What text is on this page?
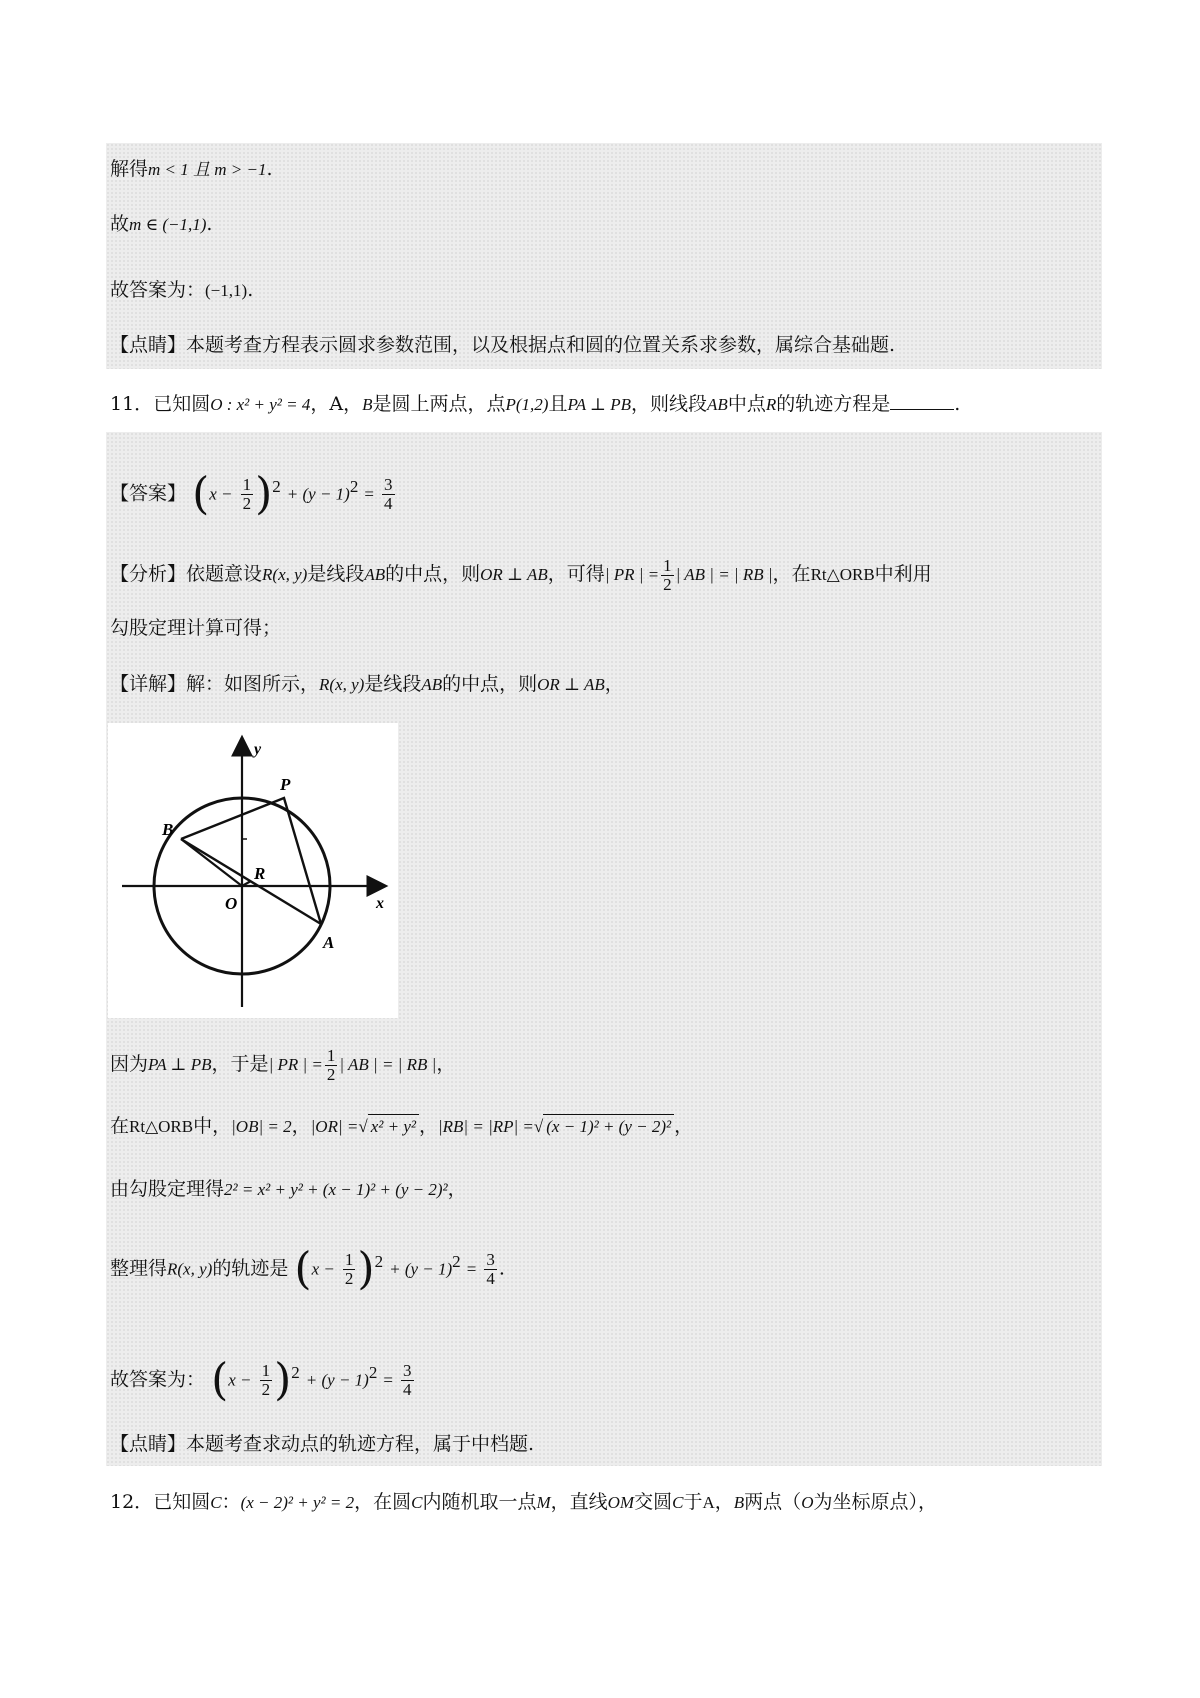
解得m < 1 且 m > −1.
故m ∈ (−1,1).
故答案为：(−1,1).
【点睛】本题考查方程表示圆求参数范围，以及根据点和圆的位置关系求参数，属综合基础题.
11．已知圆O : x² + y² = 4，A，B是圆上两点，点P(1,2)且PA ⊥ PB，则线段AB中点R的轨迹方程是	.
【答案】 $(x - \frac{1}{2} )^2 + (y - 1)^2 = \frac{3}{4}$
【分析】依题意设R(x, y)是线段AB的中点，则OR ⊥ AB，可得| PR | = $\frac{1}{2}$ | AB | = | RB |，在Rt△ORB中利用
勾股定理计算可得；
【详解】解：如图所示，R(x, y)是线段AB的中点，则OR ⊥ AB，
y
x
P
B
R
O
A
因为PA ⊥ PB，于是| PR | = $\frac{1}{2}$ | AB | = | RB |，
在Rt△ORB中，|OB| = 2，|OR| =√ x² + y² ，|RB| = |RP| =√ (x − 1)² + (y − 2)² ，
由勾股定理得2² = x² + y² + (x − 1)² + (y − 2)²，
整理得R(x, y)的轨迹是 $(x - \frac{1}{2} )^2 + (y - 1)^2 = \frac{3}{4}$ .
故答案为： $(x - \frac{1}{2} )^2 + (y - 1)^2 = \frac{3}{4}$
【点睛】本题考查求动点的轨迹方程，属于中档题.
12．已知圆C：(x − 2)² + y² = 2，在圆C内随机取一点M，直线OM交圆C于A，B两点（O为坐标原点），
